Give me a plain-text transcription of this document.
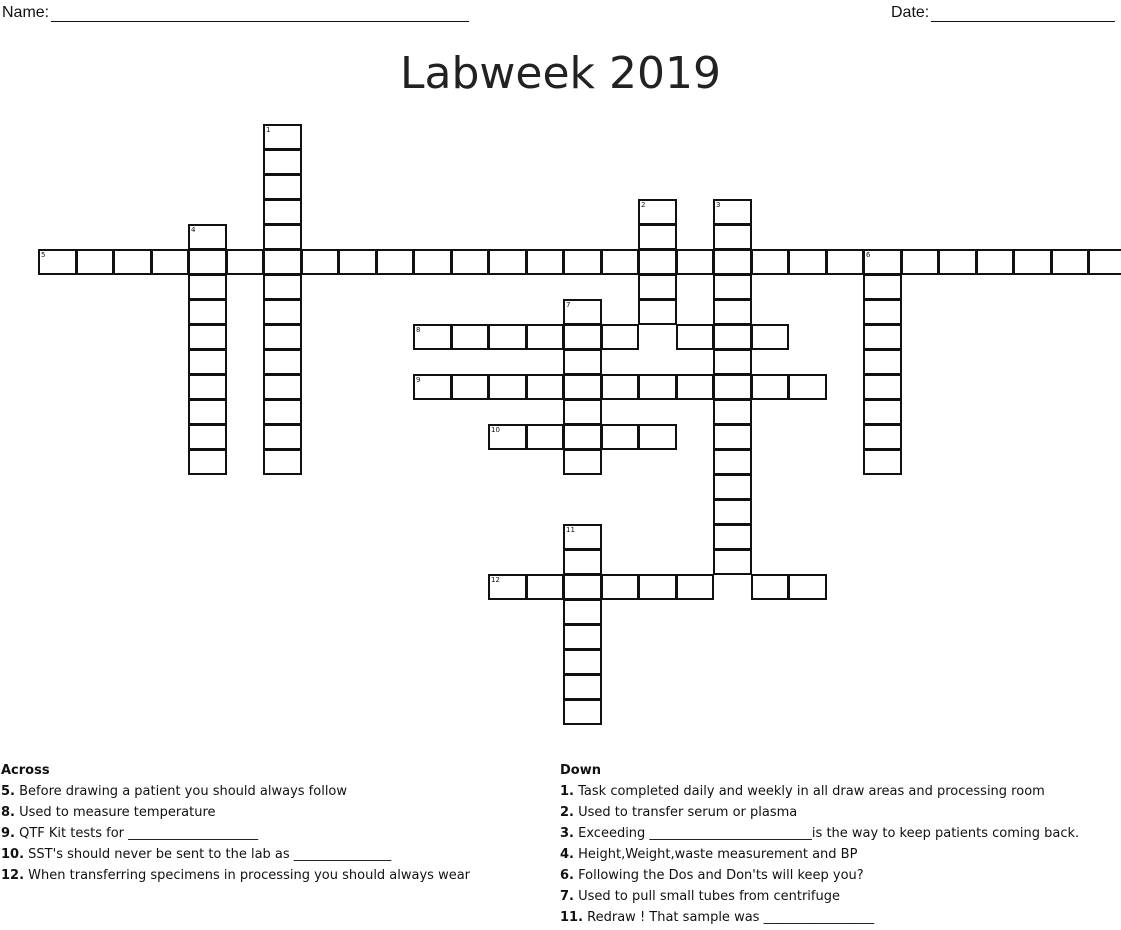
Name:	Date:
Labweek 2019
1
2	3
4
5	6
7
8
9
10
11
12
Across
5. Before drawing a patient you should always follow
8. Used to measure temperature
9. QTF Kit tests for ____________________
10. SST's should never be sent to the lab as _______________
12. When transferring specimens in processing you should always wear
Down
1. Task completed daily and weekly in all draw areas and processing room
2. Used to transfer serum or plasma
3. Exceeding _________________________is the way to keep patients coming back.
4. Height,Weight,waste measurement and BP
6. Following the Dos and Don'ts will keep you?
7. Used to pull small tubes from centrifuge
11. Redraw ! That sample was _________________
